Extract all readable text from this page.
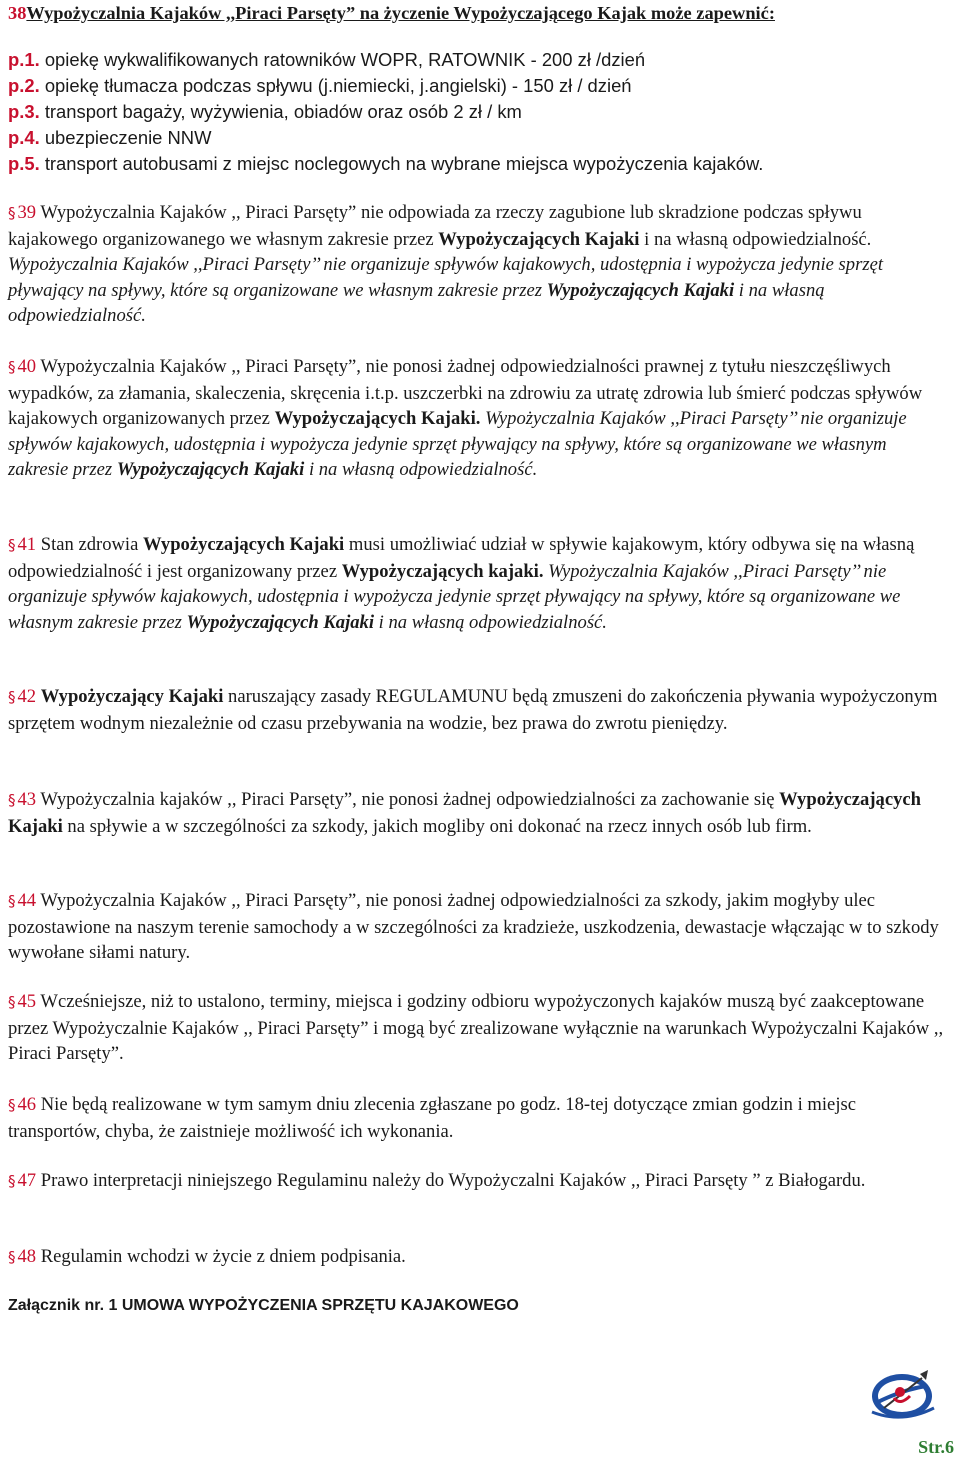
38Wypożyczalnia Kajaków ,,Piraci Parsęty” na życzenie Wypożyczającego Kajak może zapewnić:
p.1. opiekę wykwalifikowanych ratowników WOPR, RATOWNIK - 200 zł /dzień
p.2. opiekę tłumacza podczas spływu (j.niemiecki, j.angielski) - 150 zł / dzień
p.3. transport bagaży, wyżywienia, obiadów oraz osób 2 zł / km
p.4. ubezpieczenie NNW
p.5. transport autobusami z miejsc noclegowych na wybrane miejsca wypożyczenia kajaków.

§ 39 Wypożyczalnia Kajaków ,, Piraci Parsęty” nie odpowiada za rzeczy zagubione lub skradzione podczas spływu kajakowego organizowanego we własnym zakresie przez Wypożyczających Kajaki i na własną odpowiedzialność. Wypożyczalnia Kajaków ,,Piraci Parsęty’’ nie organizuje spływów kajakowych, udostępnia i wypożycza jedynie sprzęt pływający na spływy, które są organizowane we własnym zakresie przez Wypożyczających Kajaki i na własną odpowiedzialność.

§ 40 Wypożyczalnia Kajaków ,, Piraci Parsęty”, nie ponosi żadnej odpowiedzialności prawnej z tytułu nieszczęśliwych wypadków, za złamania, skaleczenia, skręcenia i.t.p. uszczerbki na zdrowiu za utratę zdrowia lub śmierć podczas spływów kajakowych organizowanych przez Wypożyczających Kajaki. Wypożyczalnia Kajaków ,,Piraci Parsęty’’ nie organizuje spływów kajakowych, udostępnia i wypożycza jedynie sprzęt pływający na spływy, które są organizowane we własnym zakresie przez Wypożyczających Kajaki i na własną odpowiedzialność.

§ 41 Stan zdrowia Wypożyczających Kajaki musi umożliwiać udział w spływie kajakowym, który odbywa się na własną odpowiedzialność i jest organizowany przez Wypożyczających kajaki. Wypożyczalnia Kajaków ,,Piraci Parsęty’’ nie organizuje spływów kajakowych, udostępnia i wypożycza jedynie sprzęt pływający na spływy, które są organizowane we własnym zakresie przez Wypożyczających Kajaki i na własną odpowiedzialność.

§ 42 Wypożyczający Kajaki naruszający zasady REGULAMUNU będą zmuszeni do zakończenia pływania wypożyczonym sprzętem wodnym niezależnie od czasu przebywania na wodzie, bez prawa do zwrotu pieniędzy.

§ 43 Wypożyczalnia kajaków ,, Piraci Parsęty”, nie ponosi żadnej odpowiedzialności za zachowanie się Wypożyczających Kajaki na spływie a w szczególności za szkody, jakich mogliby oni dokonać na rzecz innych osób lub firm.

§ 44 Wypożyczalnia Kajaków ,, Piraci Parsęty”, nie ponosi żadnej odpowiedzialności za szkody, jakim mogłyby ulec pozostawione na naszym terenie samochody a w szczególności za kradzieże, uszkodzenia, dewastacje włączając w to szkody wywołane siłami natury.

§ 45 Wcześniejsze, niż to ustalono, terminy, miejsca i godziny odbioru wypożyczonych kajaków muszą być zaakceptowane przez Wypożyczalnie Kajaków ,, Piraci Parsęty” i mogą być zrealizowane wyłącznie na warunkach Wypożyczalni Kajaków ,, Piraci Parsęty”.

§ 46 Nie będą realizowane w tym samym dniu zlecenia zgłaszane po godz. 18-tej dotyczące zmian godzin i miejsc transportów, chyba, że zaistnieje możliwość ich wykonania.

§ 47 Prawo interpretacji niniejszego Regulaminu należy do Wypożyczalni Kajaków ,, Piraci Parsęty ” z Białogardu.

§ 48 Regulamin wchodzi w życie z dniem podpisania.

Załącznik nr. 1 UMOWA WYPOŻYCZENIA SPRZĘTU KAJAKOWEGO
Str.6
